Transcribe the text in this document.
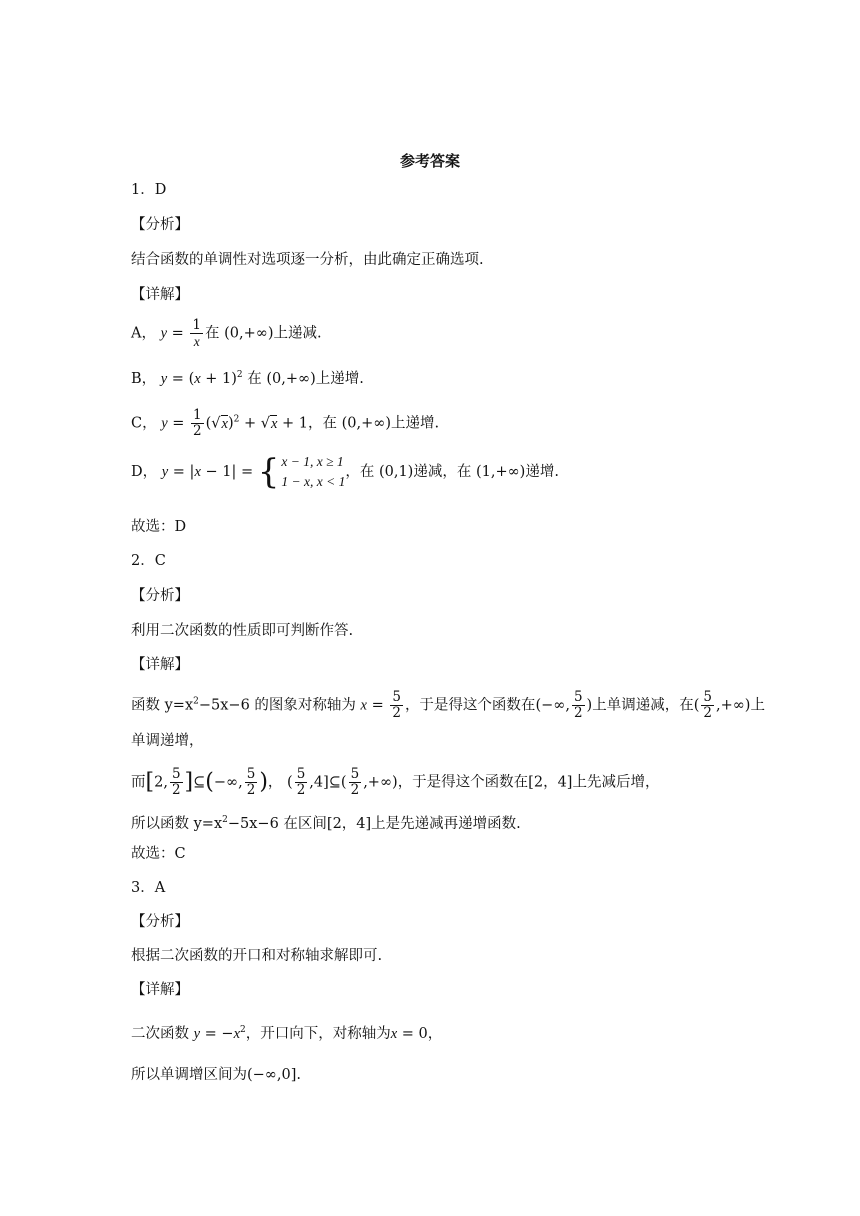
参考答案
1．D
【分析】
结合函数的单调性对选项逐一分析，由此确定正确选项.
【详解】
A， $y = \frac{1}{x}$ 在 (0,+∞)上递减.
B， $y = (x + 1)^2$ 在 (0,+∞)上递增.
C， $y = \frac{1}{2} (√x)^2 + √x + 1$，在 (0,+∞)上递增.
D， y = |x − 1| = { x − 1, x ≥ 1
1 − x, x < 1，在 (0,1)递减，在 (1,+∞)递增.
故选：D
2．C
【分析】
利用二次函数的性质即可判断作答.
【详解】
函数 $y=x^2-5x-6$ 的图象对称轴为 $x = \frac{5}{2}$ ，于是得这个函数在(−∞, $\frac{5}{2}$ )上单调递减，在( $\frac{5}{2}$ ,+∞)上
单调递增，
而[2, $\frac{5}{2}$ ]⊆(−∞, $\frac{5}{2}$ )， ( $\frac{5}{2}$ ,4]⊆( $\frac{5}{2}$ ,+∞)，于是得这个函数在[2，4]上先减后增，
所以函数 $y=x^2-5x-6$ 在区间[2，4]上是先递减再递增函数.
故选：C
3．A
【分析】
根据二次函数的开口和对称轴求解即可.
【详解】
二次函数 $y = -x^2$，开口向下，对称轴为x = 0，
所以单调增区间为(−∞,0].
